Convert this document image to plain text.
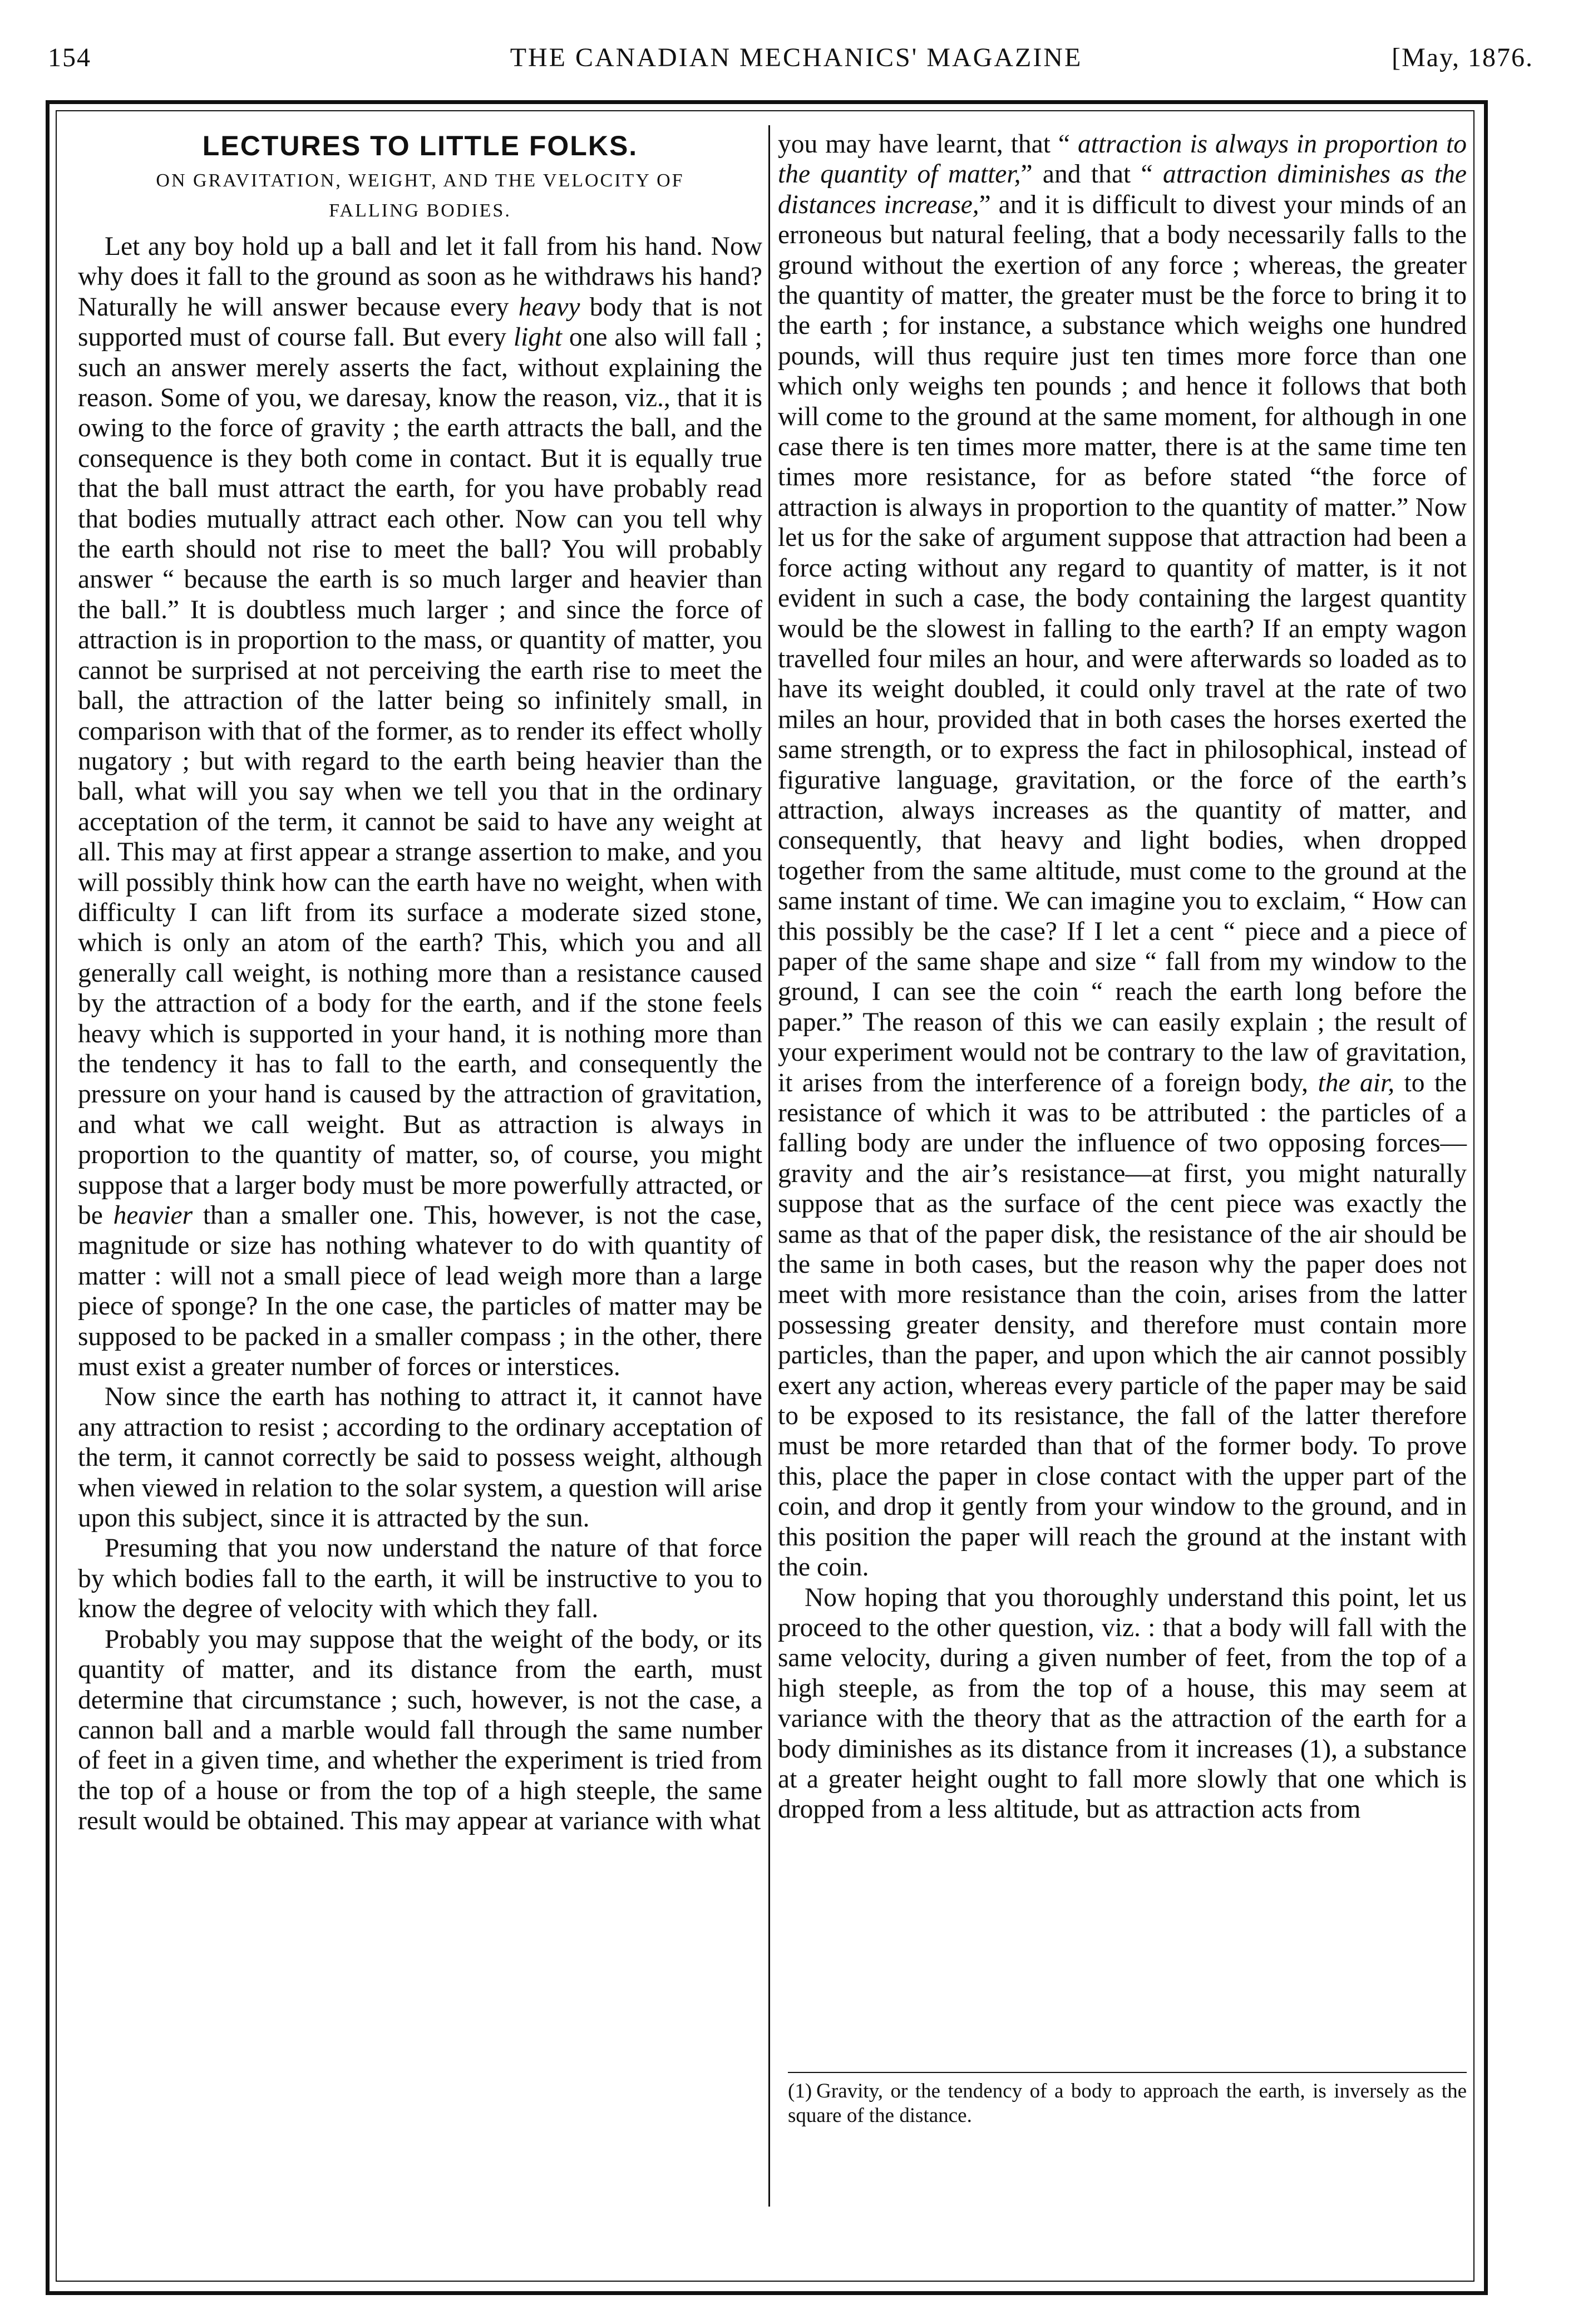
154	THE CANADIAN MECHANICS' MAGAZINE	[May, 1876.
LECTURES TO LITTLE FOLKS.
ON GRAVITATION, WEIGHT, AND THE VELOCITY OF FALLING BODIES.

Let any boy hold up a ball and let it fall from his hand. Now why does it fall to the ground as soon as he withdraws his hand? Naturally he will answer because every heavy body that is not supported must of course fall. But every light one also will fall ; such an answer merely asserts the fact, without explaining the reason. Some of you, we daresay, know the reason, viz., that it is owing to the force of gravity ; the earth attracts the ball, and the consequence is they both come in contact. But it is equally true that the ball must attract the earth, for you have probably read that bodies mutually attract each other. Now can you tell why the earth should not rise to meet the ball? You will probably answer “ because the earth is so much larger and heavier than the ball.” It is doubtless much larger ; and since the force of attraction is in proportion to the mass, or quantity of matter, you cannot be surprised at not perceiving the earth rise to meet the ball, the attraction of the latter being so infinitely small, in comparison with that of the former, as to render its effect wholly nugatory ; but with regard to the earth being heavier than the ball, what will you say when we tell you that in the ordinary acceptation of the term, it cannot be said to have any weight at all. This may at first appear a strange assertion to make, and you will possibly think how can the earth have no weight, when with difficulty I can lift from its surface a moderate sized stone, which is only an atom of the earth? This, which you and all generally call weight, is nothing more than a resistance caused by the attraction of a body for the earth, and if the stone feels heavy which is supported in your hand, it is nothing more than the tendency it has to fall to the earth, and consequently the pressure on your hand is caused by the attraction of gravitation, and what we call weight. But as attraction is always in proportion to the quantity of matter, so, of course, you might suppose that a larger body must be more powerfully attracted, or be heavier than a smaller one. This, however, is not the case, magnitude or size has nothing whatever to do with quantity of matter : will not a small piece of lead weigh more than a large piece of sponge? In the one case, the particles of matter may be supposed to be packed in a smaller compass ; in the other, there must exist a greater number of forces or interstices.

Now since the earth has nothing to attract it, it cannot have any attraction to resist ; according to the ordinary acceptation of the term, it cannot correctly be said to possess weight, although when viewed in relation to the solar system, a question will arise upon this subject, since it is attracted by the sun.

Presuming that you now understand the nature of that force by which bodies fall to the earth, it will be instructive to you to know the degree of velocity with which they fall.

Probably you may suppose that the weight of the body, or its quantity of matter, and its distance from the earth, must determine that circumstance ; such, however, is not the case, a cannon ball and a marble would fall through the same number of feet in a given time, and whether the experiment is tried from the top of a house or from the top of a high steeple, the same result would be obtained. This may appear at variance with what

you may have learnt, that “ attraction is always in proportion to the quantity of matter,” and that “ attraction diminishes as the distances increase,” and it is difficult to divest your minds of an erroneous but natural feeling, that a body necessarily falls to the ground without the exertion of any force ; whereas, the greater the quantity of matter, the greater must be the force to bring it to the earth ; for instance, a substance which weighs one hundred pounds, will thus require just ten times more force than one which only weighs ten pounds ; and hence it follows that both will come to the ground at the same moment, for although in one case there is ten times more matter, there is at the same time ten times more resistance, for as before stated “the force of attraction is always in proportion to the quantity of matter.” Now let us for the sake of argument suppose that attraction had been a force acting without any regard to quantity of matter, is it not evident in such a case, the body containing the largest quantity would be the slowest in falling to the earth? If an empty wagon travelled four miles an hour, and were afterwards so loaded as to have its weight doubled, it could only travel at the rate of two miles an hour, provided that in both cases the horses exerted the same strength, or to express the fact in philosophical, instead of figurative language, gravitation, or the force of the earth’s attraction, always increases as the quantity of matter, and consequently, that heavy and light bodies, when dropped together from the same altitude, must come to the ground at the same instant of time. We can imagine you to exclaim, “ How can this possibly be the case? If I let a cent “ piece and a piece of paper of the same shape and size “ fall from my window to the ground, I can see the coin “ reach the earth long before the paper.” The reason of this we can easily explain ; the result of your experiment would not be contrary to the law of gravitation, it arises from the interference of a foreign body, the air, to the resistance of which it was to be attributed : the particles of a falling body are under the influence of two opposing forces—gravity and the air’s resistance—at first, you might naturally suppose that as the surface of the cent piece was exactly the same as that of the paper disk, the resistance of the air should be the same in both cases, but the reason why the paper does not meet with more resistance than the coin, arises from the latter possessing greater density, and therefore must contain more particles, than the paper, and upon which the air cannot possibly exert any action, whereas every particle of the paper may be said to be exposed to its resistance, the fall of the latter therefore must be more retarded than that of the former body. To prove this, place the paper in close contact with the upper part of the coin, and drop it gently from your window to the ground, and in this position the paper will reach the ground at the instant with the coin.

Now hoping that you thoroughly understand this point, let us proceed to the other question, viz. : that a body will fall with the same velocity, during a given number of feet, from the top of a high steeple, as from the top of a house, this may seem at variance with the theory that as the attraction of the earth for a body diminishes as its distance from it increases (1), a substance at a greater height ought to fall more slowly that one which is dropped from a less altitude, but as attraction acts from

(1) Gravity, or the tendency of a body to approach the earth, is inversely as the square of the distance.
